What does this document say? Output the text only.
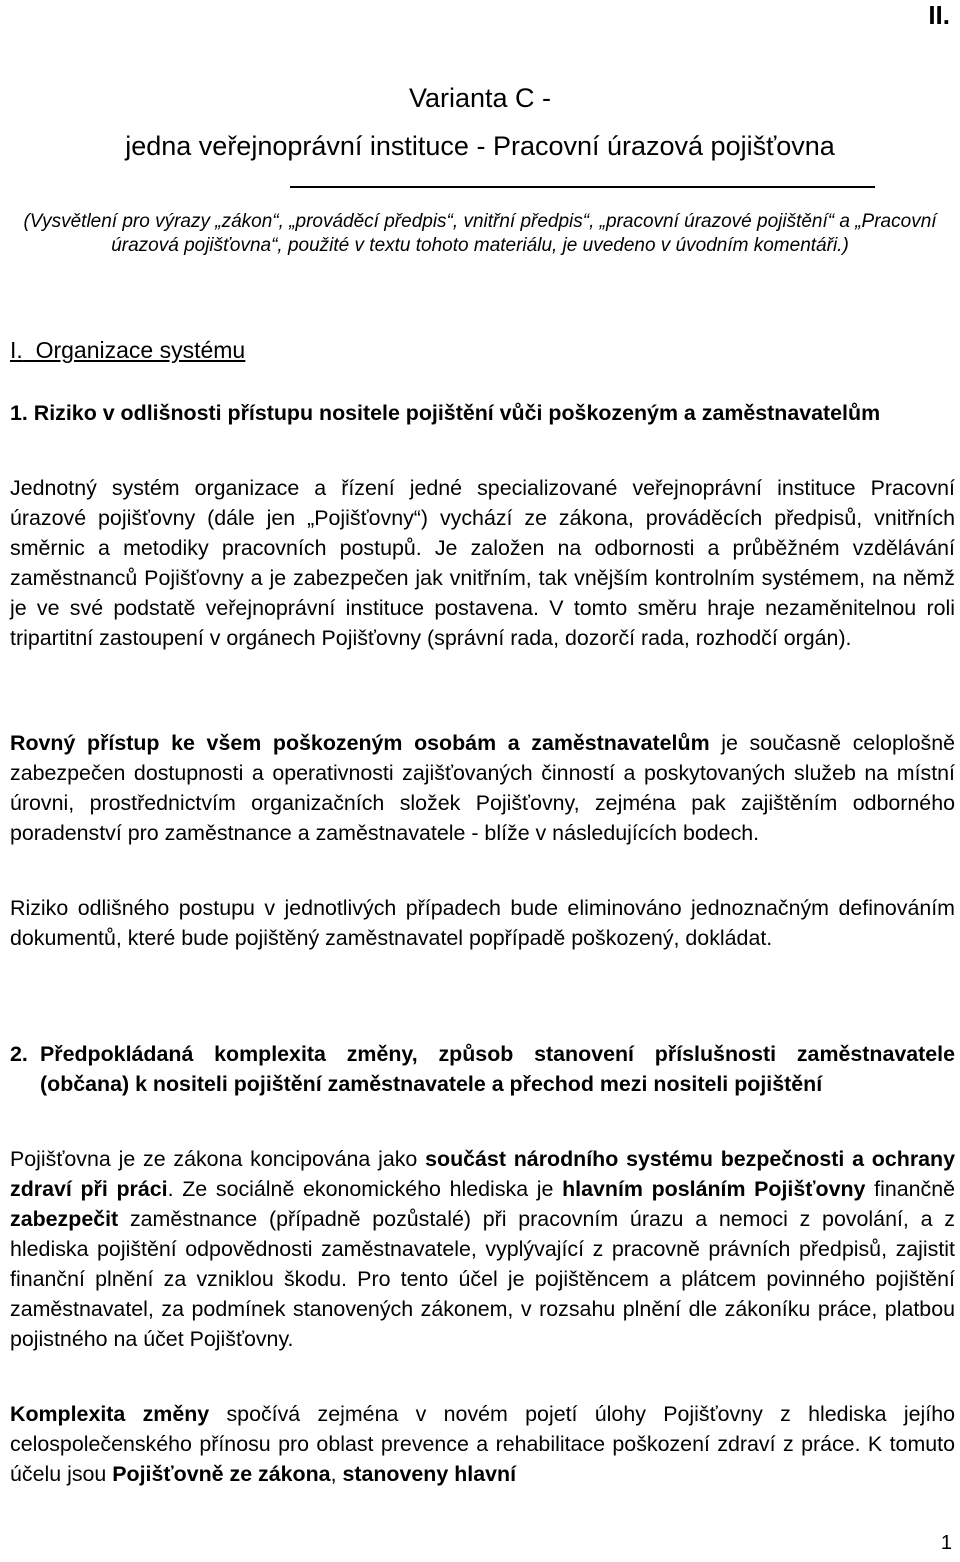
II.
Varianta C -
jedna veřejnoprávní instituce - Pracovní úrazová pojišťovna
(Vysvětlení pro výrazy „zákon“, „prováděcí předpis“, vnitřní předpis“, „pracovní úrazové pojištění“ a „Pracovní úrazová pojišťovna“, použité v textu tohoto materiálu, je uvedeno v úvodním komentáři.)
I. Organizace systému
1. Riziko v odlišnosti přístupu nositele pojištění vůči poškozeným a zaměstnavatelům
Jednotný systém organizace a řízení jedné specializované veřejnoprávní instituce Pracovní úrazové pojišťovny (dále jen „Pojišťovny“) vychází ze zákona, prováděcích předpisů, vnitřních směrnic a metodiky pracovních postupů. Je založen na odbornosti a průběžném vzdělávání zaměstnanců Pojišťovny a je zabezpečen jak vnitřním, tak vnějším kontrolním systémem, na němž je ve své podstatě veřejnoprávní instituce postavena. V tomto směru hraje nezaměnitelnou roli tripartitní zastoupení v orgánech Pojišťovny (správní rada, dozorčí rada, rozhodčí orgán).
Rovný přístup ke všem poškozeným osobám a zaměstnavatelům je současně celoplošně zabezpečen dostupnosti a operativnosti zajišťovaných činností a poskytovaných služeb na místní úrovni, prostřednictvím organizačních složek Pojišťovny, zejména pak zajištěním odborného poradenství pro zaměstnance a zaměstnavatele - blíže v následujících bodech.
Riziko odlišného postupu v jednotlivých případech bude eliminováno jednoznačným definováním dokumentů, které bude pojištěný zaměstnavatel popřípadě poškozený, dokládat.
2. Předpokládaná komplexita změny, způsob stanovení příslušnosti zaměstnavatele (občana) k nositeli pojištění zaměstnavatele a přechod mezi nositeli pojištění
Pojišťovna je ze zákona koncipována jako součást národního systému bezpečnosti a ochrany zdraví při práci. Ze sociálně ekonomického hlediska je hlavním posláním Pojišťovny finančně zabezpečit zaměstnance (případně pozůstalé) při pracovním úrazu a nemoci z povolání, a z hlediska pojištění odpovědnosti zaměstnavatele, vyplývající z pracovně právních předpisů, zajistit finanční plnění za vzniklou škodu. Pro tento účel je pojištěncem a plátcem povinného pojištění zaměstnavatel, za podmínek stanovených zákonem, v rozsahu plnění dle zákoníku práce, platbou pojistného na účet Pojišťovny.
Komplexita změny spočívá zejména v novém pojetí úlohy Pojišťovny z hlediska jejího celospolečenského přínosu pro oblast prevence a rehabilitace poškození zdraví z práce. K tomuto účelu jsou Pojišťovně ze zákona, stanoveny hlavní
1
